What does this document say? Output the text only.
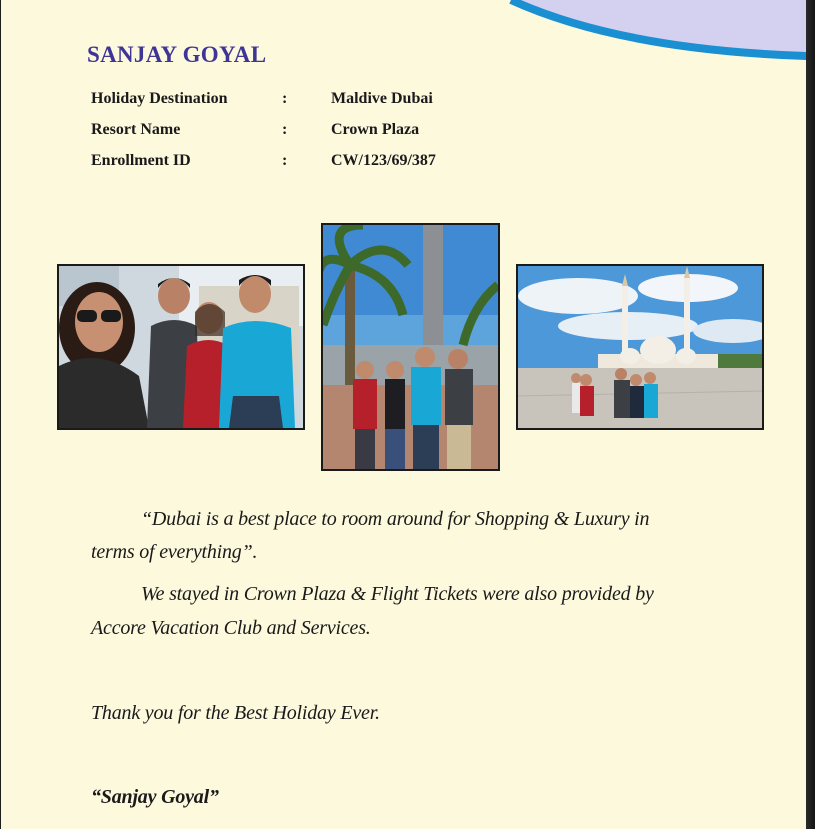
SANJAY GOYAL
Holiday Destination	:	Maldive Dubai
Resort Name	:	Crown Plaza
Enrollment ID	:	CW/123/69/387
“Dubai is a best place to room around for Shopping & Luxury in
terms of everything”.
We stayed in Crown Plaza & Flight Tickets were also provided by
Accore Vacation Club and Services.
Thank you for the Best Holiday Ever.
“Sanjay Goyal”
